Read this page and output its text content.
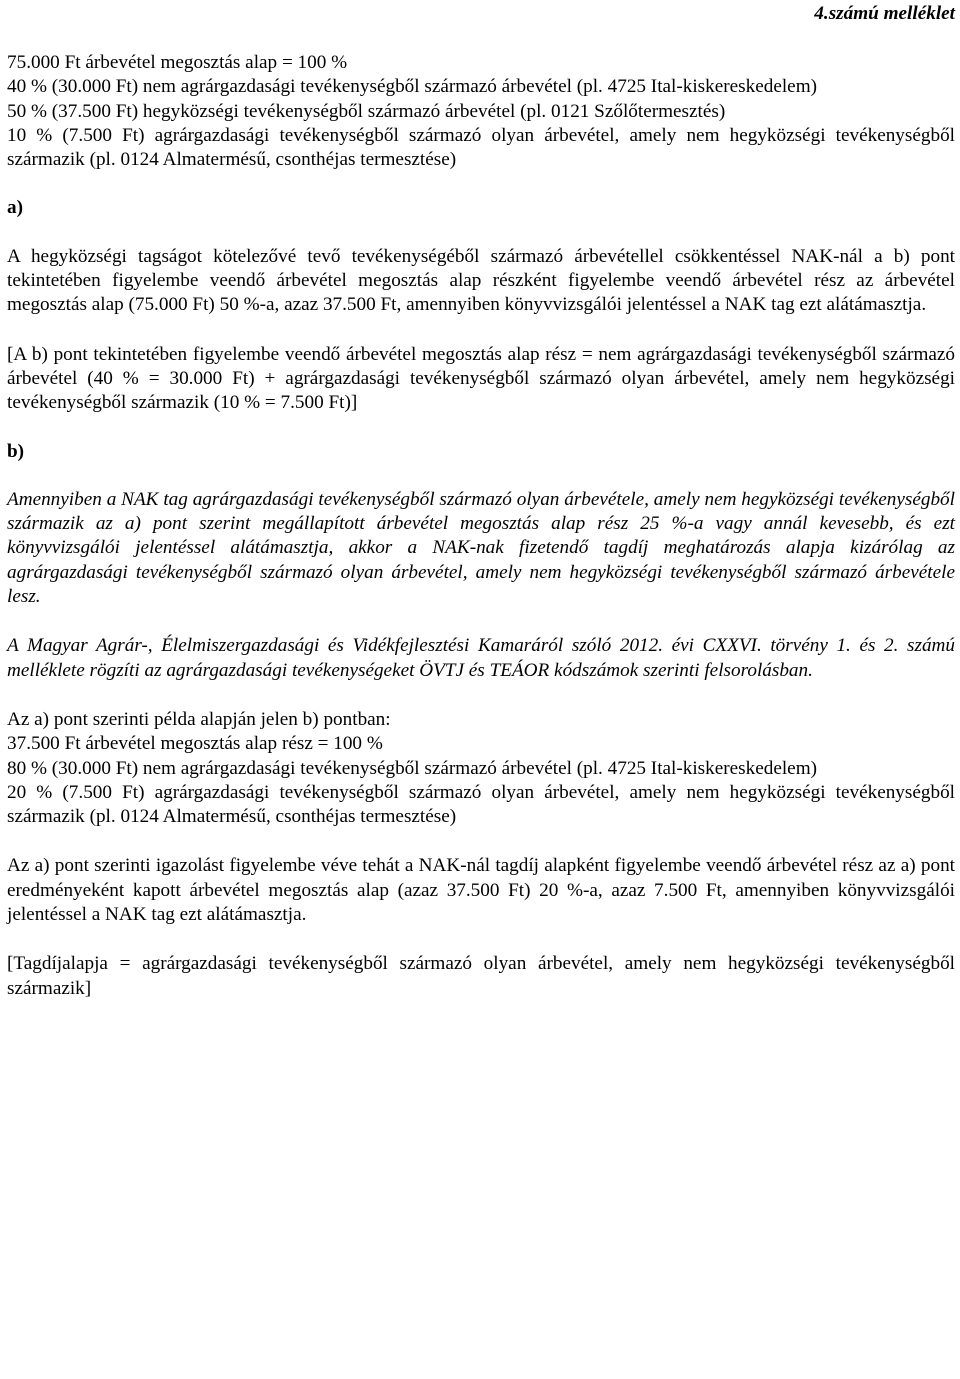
4.számú melléklet
75.000 Ft árbevétel megosztás alap = 100 %
40 % (30.000 Ft) nem agrárgazdasági tevékenységből származó árbevétel (pl. 4725 Ital-kiskereskedelem)
50 % (37.500 Ft) hegyközségi tevékenységből származó árbevétel (pl. 0121 Szőlőtermesztés)
10 % (7.500 Ft) agrárgazdasági tevékenységből származó olyan árbevétel, amely nem hegyközségi tevékenységből származik (pl. 0124 Almatermésű, csonthéjas termesztése)
a)
A hegyközségi tagságot kötelezővé tevő tevékenységéből származó árbevétellel csökkentéssel NAK-nál a b) pont tekintetében figyelembe veendő árbevétel megosztás alap részként figyelembe veendő árbevétel rész az árbevétel megosztás alap (75.000 Ft) 50 %-a, azaz 37.500 Ft, amennyiben könyvvizsgálói jelentéssel a NAK tag ezt alátámasztja.
[A b) pont tekintetében figyelembe veendő árbevétel megosztás alap rész = nem agrárgazdasági tevékenységből származó árbevétel (40 % = 30.000 Ft) + agrárgazdasági tevékenységből származó olyan árbevétel, amely nem hegyközségi tevékenységből származik (10 % = 7.500 Ft)]
b)
Amennyiben a NAK tag agrárgazdasági tevékenységből származó olyan árbevétele, amely nem hegyközségi tevékenységből származik az a) pont szerint megállapított árbevétel megosztás alap rész 25 %-a vagy annál kevesebb, és ezt könyvvizsgálói jelentéssel alátámasztja, akkor a NAK-nak fizetendő tagdíj meghatározás alapja kizárólag az agrárgazdasági tevékenységből származó olyan árbevétel, amely nem hegyközségi tevékenységből származó árbevétele lesz.
A Magyar Agrár-, Élelmiszergazdasági és Vidékfejlesztési Kamaráról szóló 2012. évi CXXVI. törvény 1. és 2. számú melléklete rögzíti az agrárgazdasági tevékenységeket ÖVTJ és TEÁOR kódszámok szerinti felsorolásban.
Az a) pont szerinti példa alapján jelen b) pontban:
37.500 Ft árbevétel megosztás alap rész = 100 %
80 % (30.000 Ft) nem agrárgazdasági tevékenységből származó árbevétel (pl. 4725 Ital-kiskereskedelem)
20 % (7.500 Ft) agrárgazdasági tevékenységből származó olyan árbevétel, amely nem hegyközségi tevékenységből származik (pl. 0124 Almatermésű, csonthéjas termesztése)
Az a) pont szerinti igazolást figyelembe véve tehát a NAK-nál tagdíj alapként figyelembe veendő árbevétel rész az a) pont eredményeként kapott árbevétel megosztás alap (azaz 37.500 Ft) 20 %-a, azaz 7.500 Ft, amennyiben könyvvizsgálói jelentéssel a NAK tag ezt alátámasztja.
[Tagdíjalapja = agrárgazdasági tevékenységből származó olyan árbevétel, amely nem hegyközségi tevékenységből származik]
